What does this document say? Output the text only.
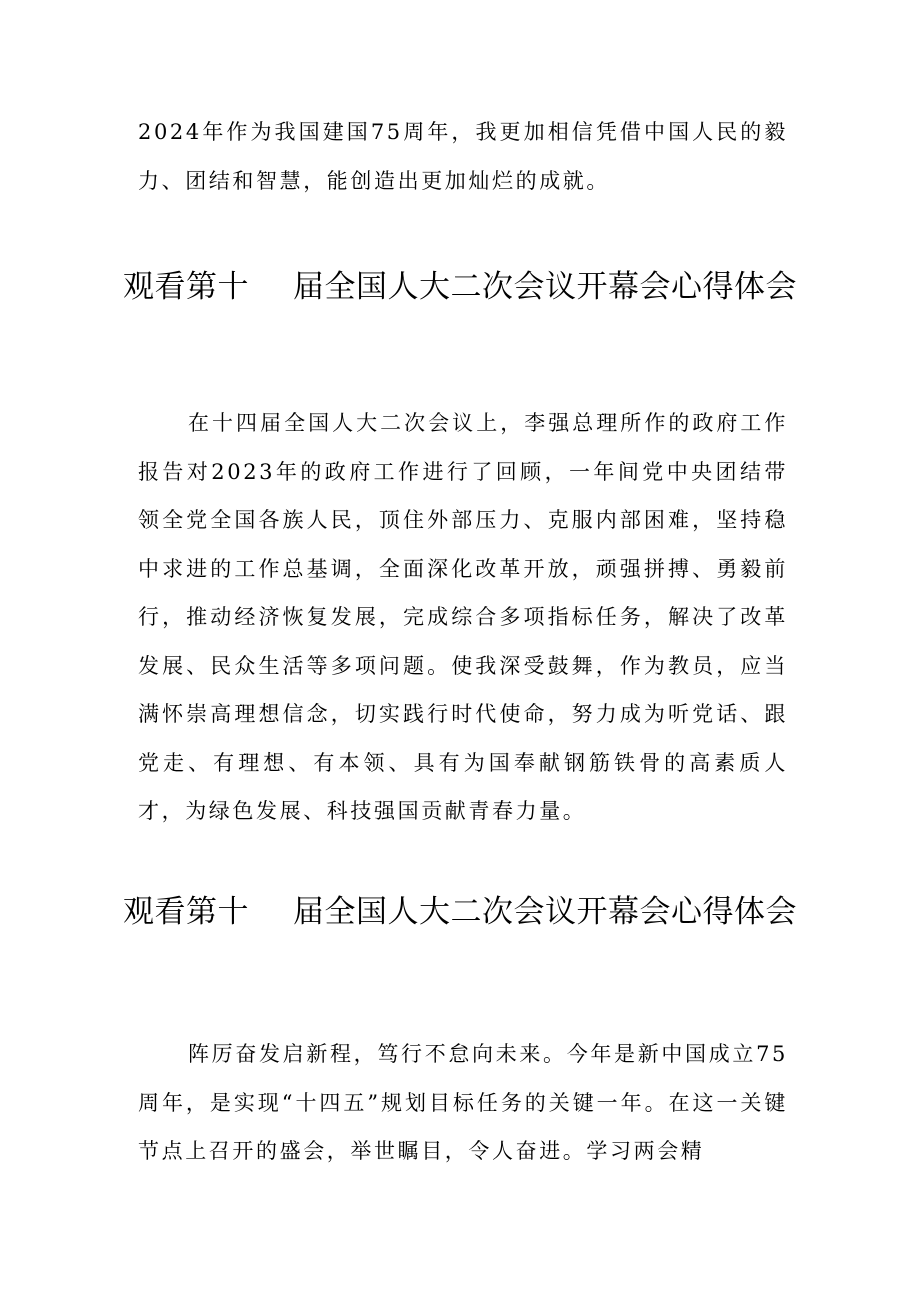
2024年作为我国建国75周年，我更加相信凭借中国人民的毅力、团结和智慧，能创造出更加灿烂的成就。

观看第十 届全国人大二次会议开幕会心得体会

在十四届全国人大二次会议上，李强总理所作的政府工作报告对2023年的政府工作进行了回顾，一年间党中央团结带领全党全国各族人民，顶住外部压力、克服内部困难，坚持稳中求进的工作总基调，全面深化改革开放，顽强拼搏、勇毅前行，推动经济恢复发展，完成综合多项指标任务，解决了改革发展、民众生活等多项问题。使我深受鼓舞，作为教员，应当满怀崇高理想信念，切实践行时代使命，努力成为听党话、跟党走、有理想、有本领、具有为国奉献钢筋铁骨的高素质人才，为绿色发展、科技强国贡献青春力量。

观看第十 届全国人大二次会议开幕会心得体会

阵厉奋发启新程，笃行不怠向未来。今年是新中国成立75周年，是实现“十四五”规划目标任务的关键一年。在这一关键节点上召开的盛会，举世瞩目，令人奋进。学习两会精
